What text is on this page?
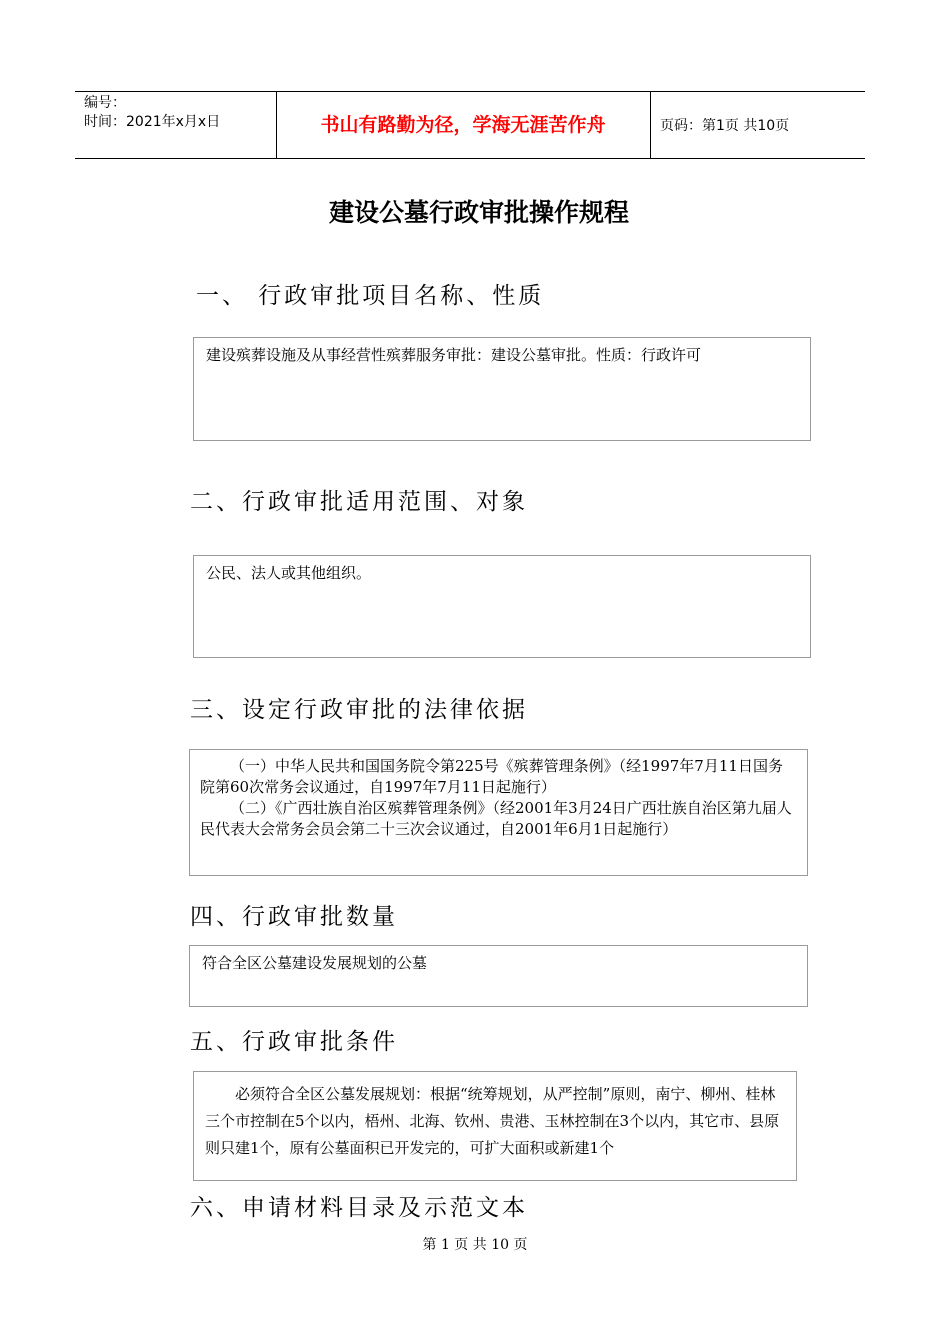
编号：
时间：2021年x月x日	书山有路勤为径，学海无涯苦作舟	页码：第1页 共10页
建设公墓行政审批操作规程
一、 行政审批项目名称、性质

建设殡葬设施及从事经营性殡葬服务审批：建设公墓审批。性质：行政许可

二、行政审批适用范围、对象

公民、法人或其他组织。

三、设定行政审批的法律依据

（一）中华人民共和国国务院令第225号《殡葬管理条例》（经1997年7月11日国务院第60次常务会议通过，自1997年7月11日起施行）

（二）《广西壮族自治区殡葬管理条例》（经2001年3月24日广西壮族自治区第九届人民代表大会常务会员会第二十三次会议通过，自2001年6月1日起施行）

四、行政审批数量

符合全区公墓建设发展规划的公墓

五、行政审批条件

必须符合全区公墓发展规划：根据“统筹规划，从严控制”原则，南宁、柳州、桂林三个市控制在5个以内，梧州、北海、钦州、贵港、玉林控制在3个以内，其它市、县原则只建1个，原有公墓面积已开发完的，可扩大面积或新建1个

六、申请材料目录及示范文本
第 1 页 共 10 页
